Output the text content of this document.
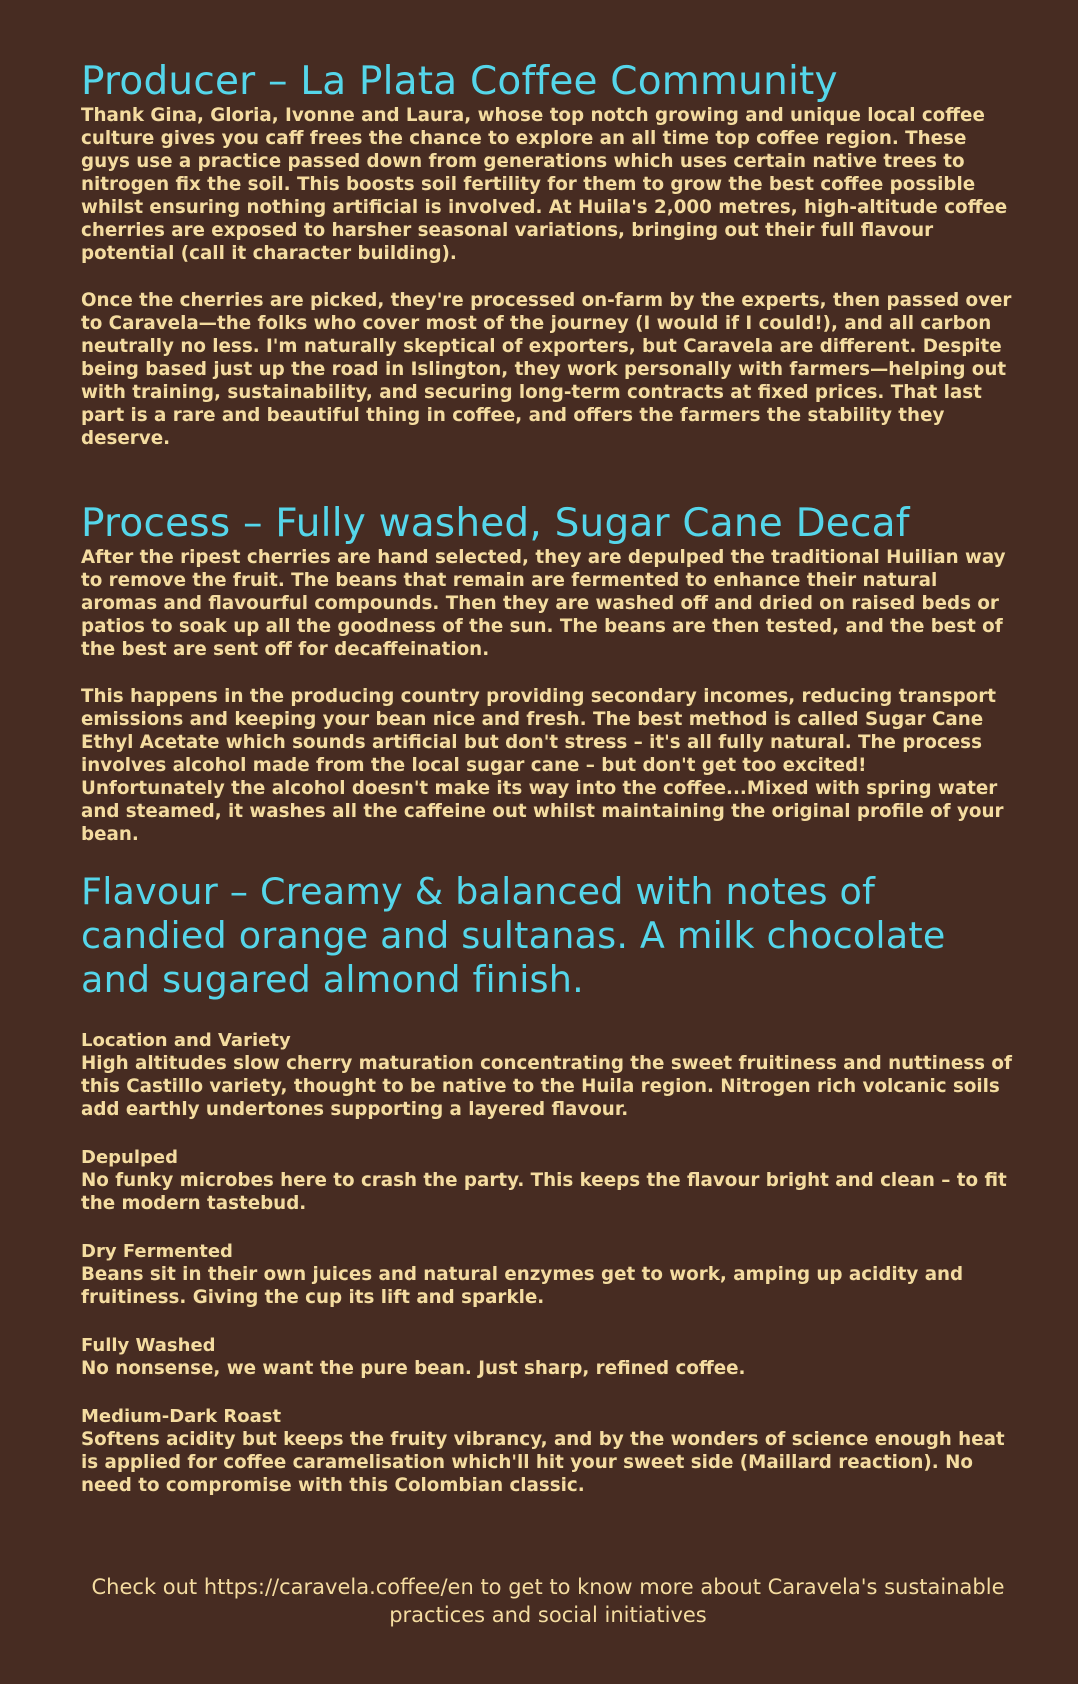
Producer – La Plata Coffee Community

Thank Gina, Gloria, Ivonne and Laura, whose top notch growing and unique local coffee culture gives you caff frees the chance to explore an all time top coffee region. These guys use a practice passed down from generations which uses certain native trees to nitrogen fix the soil. This boosts soil fertility for them to grow the best coffee possible whilst ensuring nothing artificial is involved. At Huila's 2,000 metres, high-altitude coffee cherries are exposed to harsher seasonal variations, bringing out their full flavour potential (call it character building).

Once the cherries are picked, they're processed on-farm by the experts, then passed over to Caravela—the folks who cover most of the journey (I would if I could!), and all carbon neutrally no less. I'm naturally skeptical of exporters, but Caravela are different. Despite being based just up the road in Islington, they work personally with farmers—helping out with training, sustainability, and securing long-term contracts at fixed prices. That last part is a rare and beautiful thing in coffee, and offers the farmers the stability they deserve.

Process – Fully washed, Sugar Cane Decaf

After the ripest cherries are hand selected, they are depulped the traditional Huilian way to remove the fruit. The beans that remain are fermented to enhance their natural aromas and flavourful compounds. Then they are washed off and dried on raised beds or patios to soak up all the goodness of the sun. The beans are then tested, and the best of the best are sent off for decaffeination.

This happens in the producing country providing secondary incomes, reducing transport emissions and keeping your bean nice and fresh. The best method is called Sugar Cane Ethyl Acetate which sounds artificial but don't stress – it's all fully natural. The process involves alcohol made from the local sugar cane – but don't get too excited! Unfortunately the alcohol doesn't make its way into the coffee...Mixed with spring water and steamed, it washes all the caffeine out whilst maintaining the original profile of your bean.

Flavour – Creamy & balanced with notes of candied orange and sultanas. A milk chocolate and sugared almond finish.
Location and Variety

High altitudes slow cherry maturation concentrating the sweet fruitiness and nuttiness of this Castillo variety, thought to be native to the Huila region. Nitrogen rich volcanic soils add earthly undertones supporting a layered flavour.

Depulped

No funky microbes here to crash the party. This keeps the flavour bright and clean – to fit the modern tastebud.

Dry Fermented

Beans sit in their own juices and natural enzymes get to work, amping up acidity and fruitiness. Giving the cup its lift and sparkle.

Fully Washed

No nonsense, we want the pure bean. Just sharp, refined coffee.

Medium-Dark Roast

Softens acidity but keeps the fruity vibrancy, and by the wonders of science enough heat is applied for coffee caramelisation which'll hit your sweet side (Maillard reaction). No need to compromise with this Colombian classic.

Check out https://caravela.coffee/en to get to know more about Caravela's sustainable practices and social initiatives
